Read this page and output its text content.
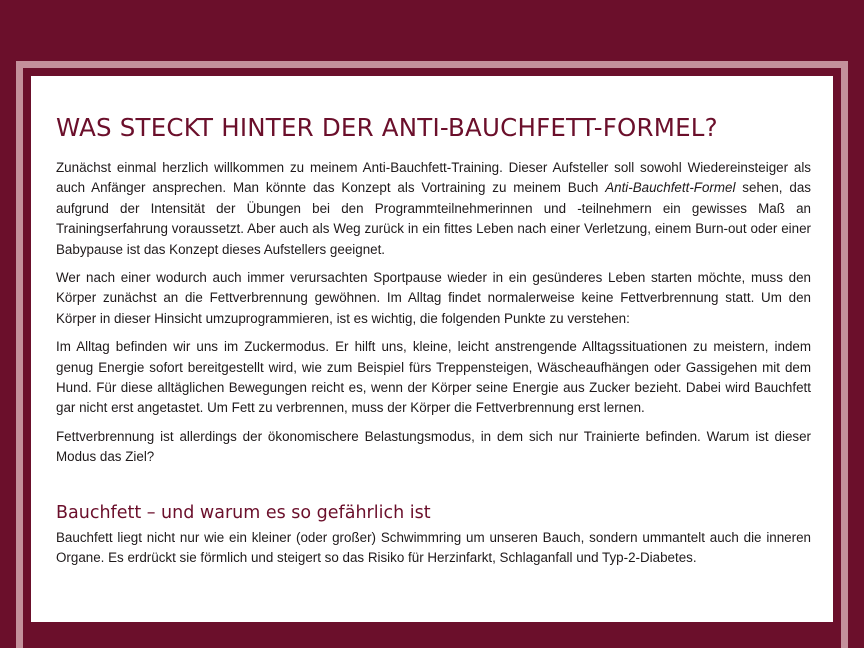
WAS STECKT HINTER DER ANTI-BAUCHFETT-FORMEL?

Zunächst einmal herzlich willkommen zu meinem Anti-Bauchfett-Training. Dieser Aufsteller soll sowohl Wiedereinsteiger als auch Anfänger ansprechen. Man könnte das Konzept als Vortraining zu meinem Buch Anti-Bauchfett-Formel sehen, das aufgrund der Intensität der Übungen bei den Programmteilnehmerinnen und -teilnehmern ein gewisses Maß an Trainingserfahrung voraussetzt. Aber auch als Weg zurück in ein fittes Leben nach einer Verletzung, einem Burn-out oder einer Babypause ist das Konzept dieses Aufstellers geeignet.

Wer nach einer wodurch auch immer verursachten Sportpause wieder in ein gesünderes Leben starten möchte, muss den Körper zunächst an die Fettverbrennung gewöhnen. Im Alltag findet normalerweise keine Fettverbrennung statt. Um den Körper in dieser Hinsicht umzuprogrammieren, ist es wichtig, die folgenden Punkte zu verstehen:

Im Alltag befinden wir uns im Zuckermodus. Er hilft uns, kleine, leicht anstrengende Alltagssituationen zu meistern, indem genug Energie sofort bereitgestellt wird, wie zum Beispiel fürs Treppensteigen, Wäscheaufhängen oder Gassigehen mit dem Hund. Für diese alltäglichen Bewegungen reicht es, wenn der Körper seine Energie aus Zucker bezieht. Dabei wird Bauchfett gar nicht erst angetastet. Um Fett zu verbrennen, muss der Körper die Fettverbrennung erst lernen.

Fettverbrennung ist allerdings der ökonomischere Belastungsmodus, in dem sich nur Trainierte befinden. Warum ist dieser Modus das Ziel?

Bauchfett – und warum es so gefährlich ist

Bauchfett liegt nicht nur wie ein kleiner (oder großer) Schwimmring um unseren Bauch, sondern ummantelt auch die inneren Organe. Es erdrückt sie förmlich und steigert so das Risiko für Herzinfarkt, Schlaganfall und Typ-2-Diabetes.
